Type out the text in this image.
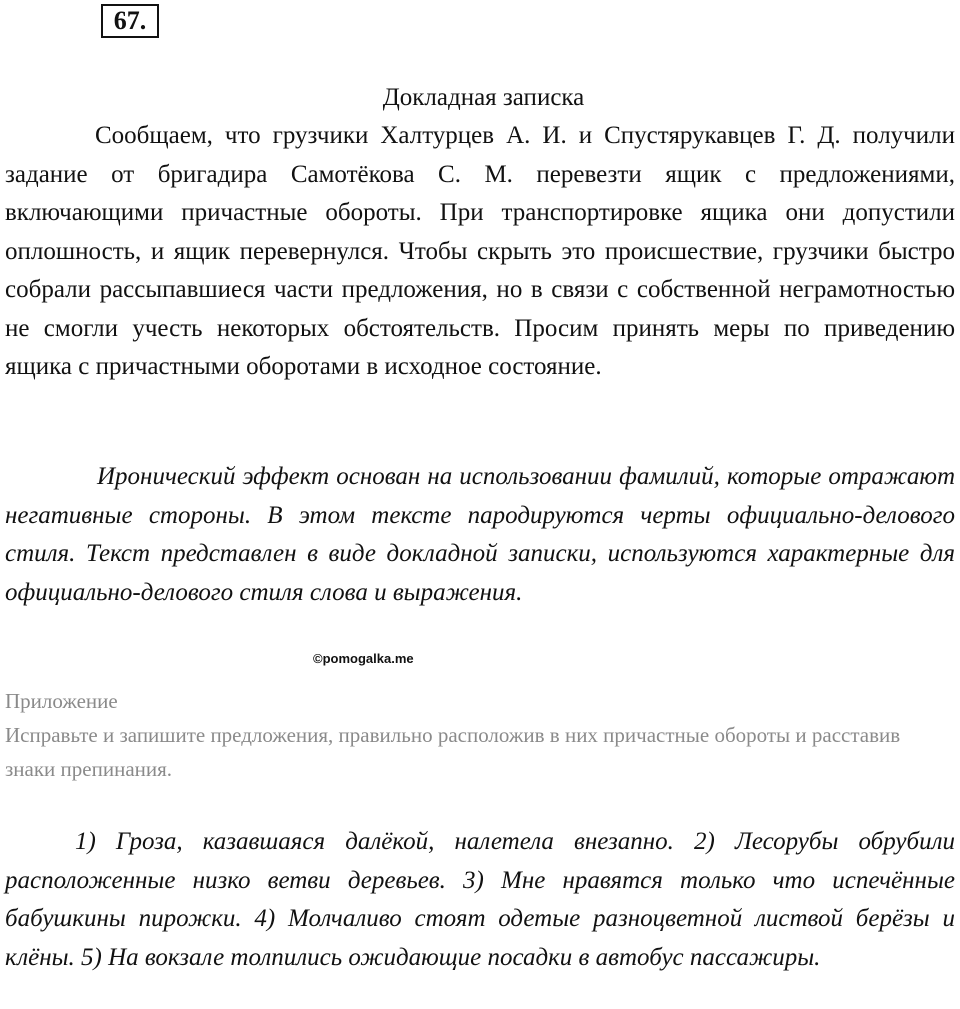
67.
Докладная записка
Сообщаем, что грузчики Халтурцев А. И. и Спустярукавцев Г. Д. получили задание от бригадира Самотёкова С. М. перевезти ящик с предложениями, включающими причастные обороты. При транспортировке ящика они допустили оплошность, и ящик перевернулся. Чтобы скрыть это происшествие, грузчики быстро собрали рассыпавшиеся части предложения, но в связи с собственной неграмотностью не смогли учесть некоторых обстоятельств. Просим принять меры по приведению ящика с причастными оборотами в исходное состояние.
Иронический эффект основан на использовании фамилий, которые отражают негативные стороны. В этом тексте пародируются черты официально-делового стиля. Текст представлен в виде докладной записки, используются характерные для официально-делового стиля слова и выражения.
©pomogalka.me
Приложение
Исправьте и запишите предложения, правильно расположив в них причастные обороты и расставив знаки препинания.
1) Гроза, казавшаяся далёкой, налетела внезапно. 2) Лесорубы обрубили расположенные низко ветви деревьев. 3) Мне нравятся только что испечённые бабушкины пирожки. 4) Молчаливо стоят одетые разноцветной листвой берёзы и клёны. 5) На вокзале толпились ожидающие посадки в автобус пассажиры.
